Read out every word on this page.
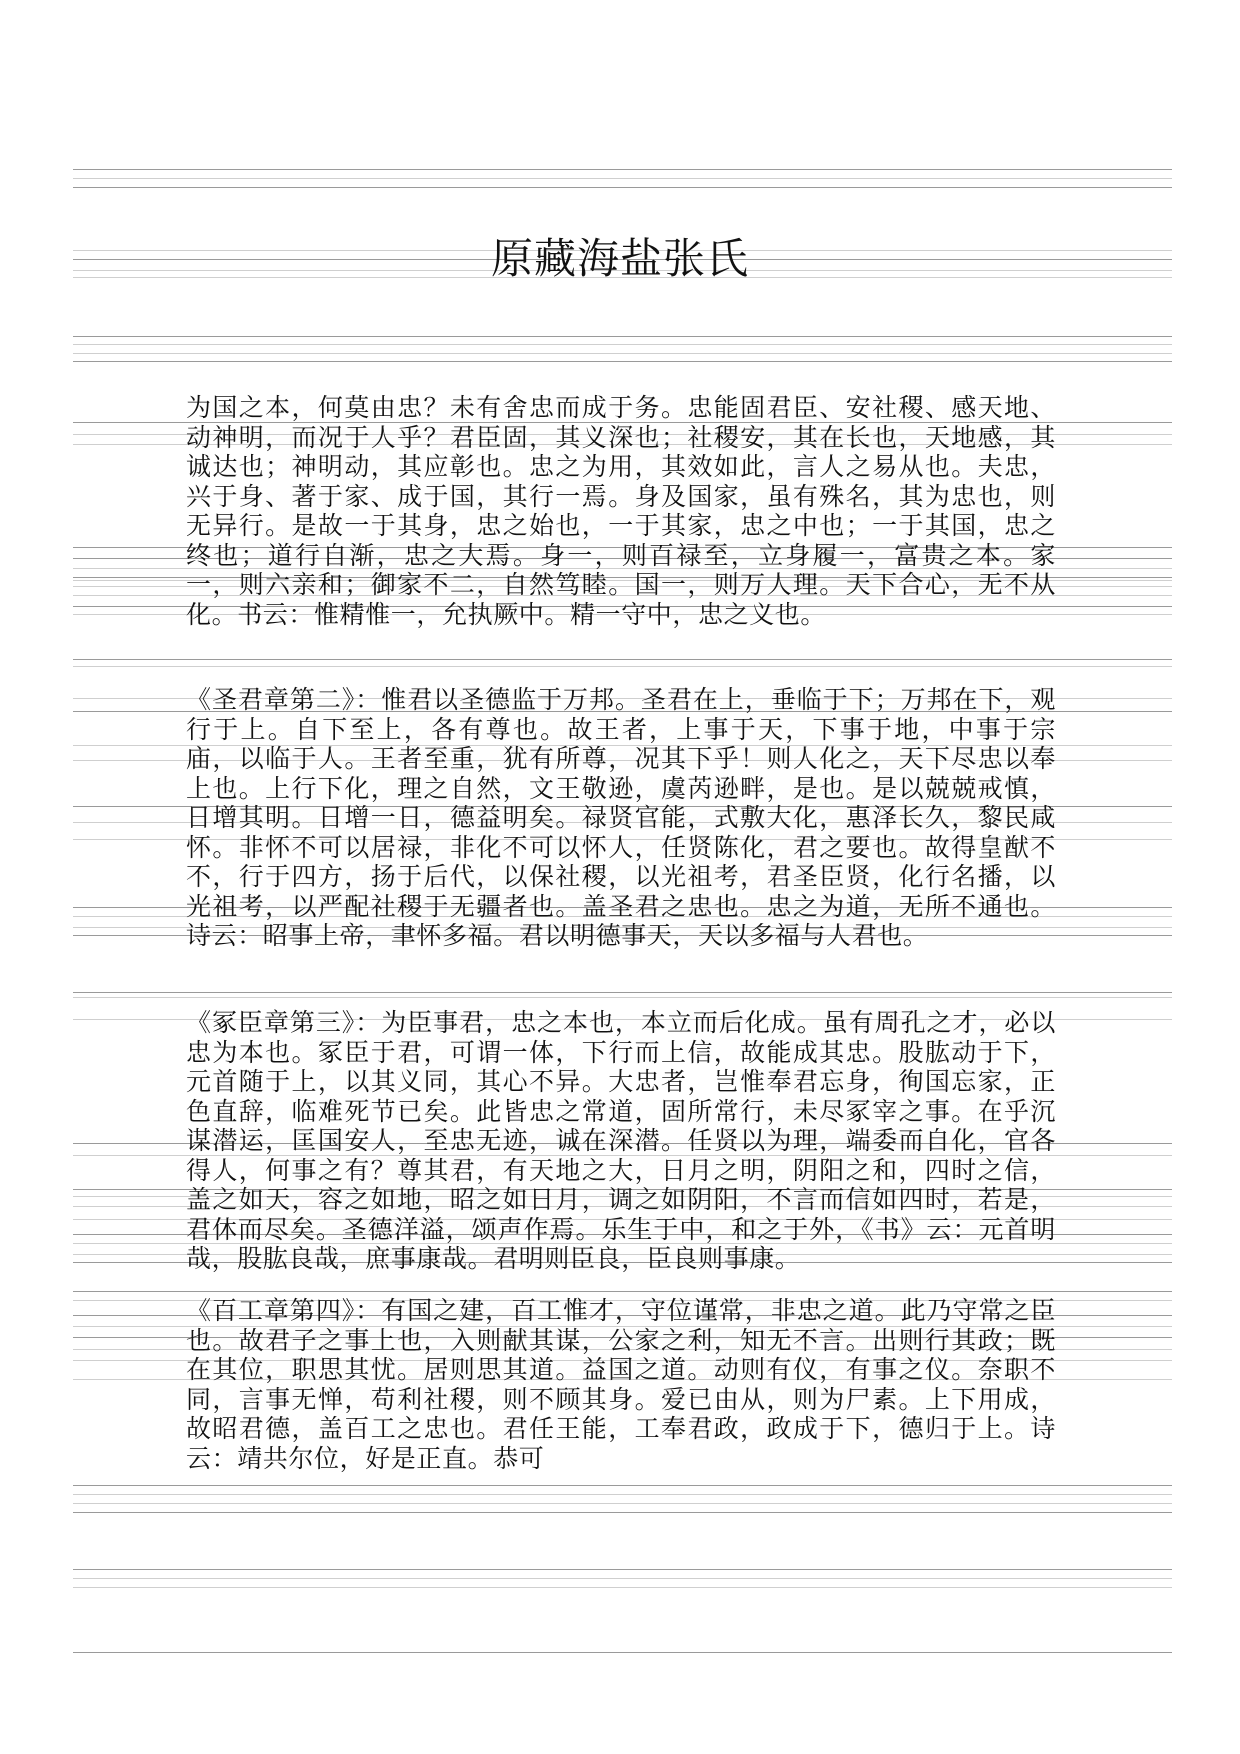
原藏海盐张氏

为国之本，何莫由忠？未有舍忠而成于务。忠能固君臣、安社稷、感天地、动神明，而况于人乎？君臣固，其义深也；社稷安，其在长也，天地感，其诚达也；神明动，其应彰也。忠之为用，其效如此，言人之易从也。夫忠，兴于身、著于家、成于国，其行一焉。身及国家，虽有殊名，其为忠也，则无异行。是故一于其身，忠之始也，一于其家，忠之中也；一于其国，忠之终也；道行自渐，忠之大焉。身一，则百禄至，立身履一，富贵之本。家一，则六亲和；御家不二，自然笃睦。国一，则万人理。天下合心，无不从化。书云：惟精惟一，允执厥中。精一守中，忠之义也。

《圣君章第二》：惟君以圣德监于万邦。圣君在上，垂临于下；万邦在下，观行于上。自下至上，各有尊也。故王者，上事于天，下事于地，中事于宗庙，以临于人。王者至重，犹有所尊，况其下乎！则人化之，天下尽忠以奉上也。上行下化，理之自然，文王敬逊，虞芮逊畔，是也。是以兢兢戒慎，日增其明。日增一日，德益明矣。禄贤官能，式敷大化，惠泽长久，黎民咸怀。非怀不可以居禄，非化不可以怀人，任贤陈化，君之要也。故得皇猷不不，行于四方，扬于后代，以保社稷，以光祖考，君圣臣贤，化行名播，以光祖考，以严配社稷于无疆者也。盖圣君之忠也。忠之为道，无所不通也。诗云：昭事上帝，聿怀多福。君以明德事天，天以多福与人君也。

《冢臣章第三》：为臣事君，忠之本也，本立而后化成。虽有周孔之才，必以忠为本也。冢臣于君，可谓一体，下行而上信，故能成其忠。股肱动于下，元首随于上，以其义同，其心不异。大忠者，岂惟奉君忘身，徇国忘家，正色直辞，临难死节已矣。此皆忠之常道，固所常行，未尽冢宰之事。在乎沉谋潜运，匡国安人，至忠无迹，诚在深潜。任贤以为理，端委而自化，官各得人，何事之有？尊其君，有天地之大，日月之明，阴阳之和，四时之信，盖之如天，容之如地，昭之如日月，调之如阴阳，不言而信如四时，若是，君休而尽矣。圣德洋溢，颂声作焉。乐生于中，和之于外，《书》云：元首明哉，股肱良哉，庶事康哉。君明则臣良，臣良则事康。

《百工章第四》：有国之建，百工惟才，守位谨常，非忠之道。此乃守常之臣也。故君子之事上也，入则献其谋，公家之利，知无不言。出则行其政；既在其位，职思其忧。居则思其道。益国之道。动则有仪，有事之仪。奈职不同，言事无惮，苟利社稷，则不顾其身。爱已由从，则为尸素。上下用成，故昭君德，盖百工之忠也。君任王能，工奉君政，政成于下，德归于上。诗云：靖共尔位，好是正直。恭可
